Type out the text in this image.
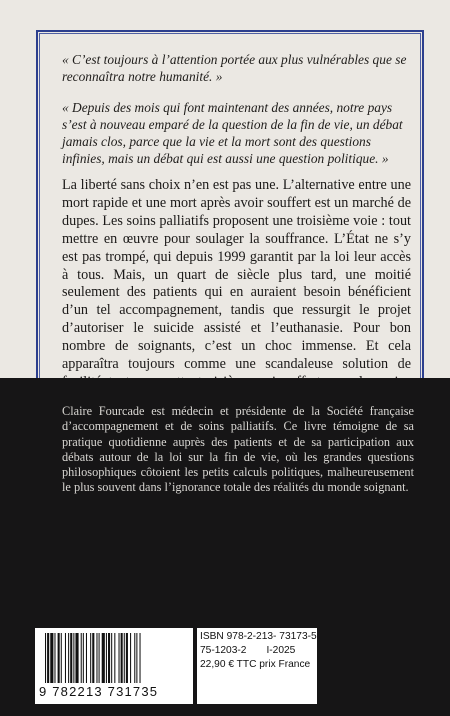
« C’est toujours à l’attention portée aux plus vulnérables que se reconnaîtra notre humanité. »

« Depuis des mois qui font maintenant des années, notre pays s’est à nouveau emparé de la question de la fin de vie, un débat jamais clos, parce que la vie et la mort sont des questions infinies, mais un débat qui est aussi une question politique. »

La liberté sans choix n’en est pas une. L’alternative entre une mort rapide et une mort après avoir souffert est un marché de dupes. Les soins palliatifs proposent une troisième voie : tout mettre en œuvre pour soulager la souffrance. L’État ne s’y est pas trompé, qui depuis 1999 garantit par la loi leur accès à tous. Mais, un quart de siècle plus tard, une moitié seulement des patients qui en auraient besoin bénéficient d’un tel accompagnement, tandis que ressurgit le projet d’autoriser le suicide assisté et l’euthanasie. Pour bon nombre de soignants, c’est un choc immense. Et cela apparaîtra toujours comme une scandaleuse solution de

Claire Fourcade est médecin et présidente de la Société française d’accompagnement et de soins palliatifs. Ce livre témoigne de sa pratique quotidienne auprès des patients et de sa participation aux débats autour de la loi sur la fin de vie, où les grandes questions philosophiques côtoient les petits calculs politiques, malheureusement le plus souvent dans l’ignorance totale des réalités du monde soignant.

9 782213 731735
ISBN 978-2-213- 73173-5
75-1203-2 I-2025
22,90 € TTC prix France
